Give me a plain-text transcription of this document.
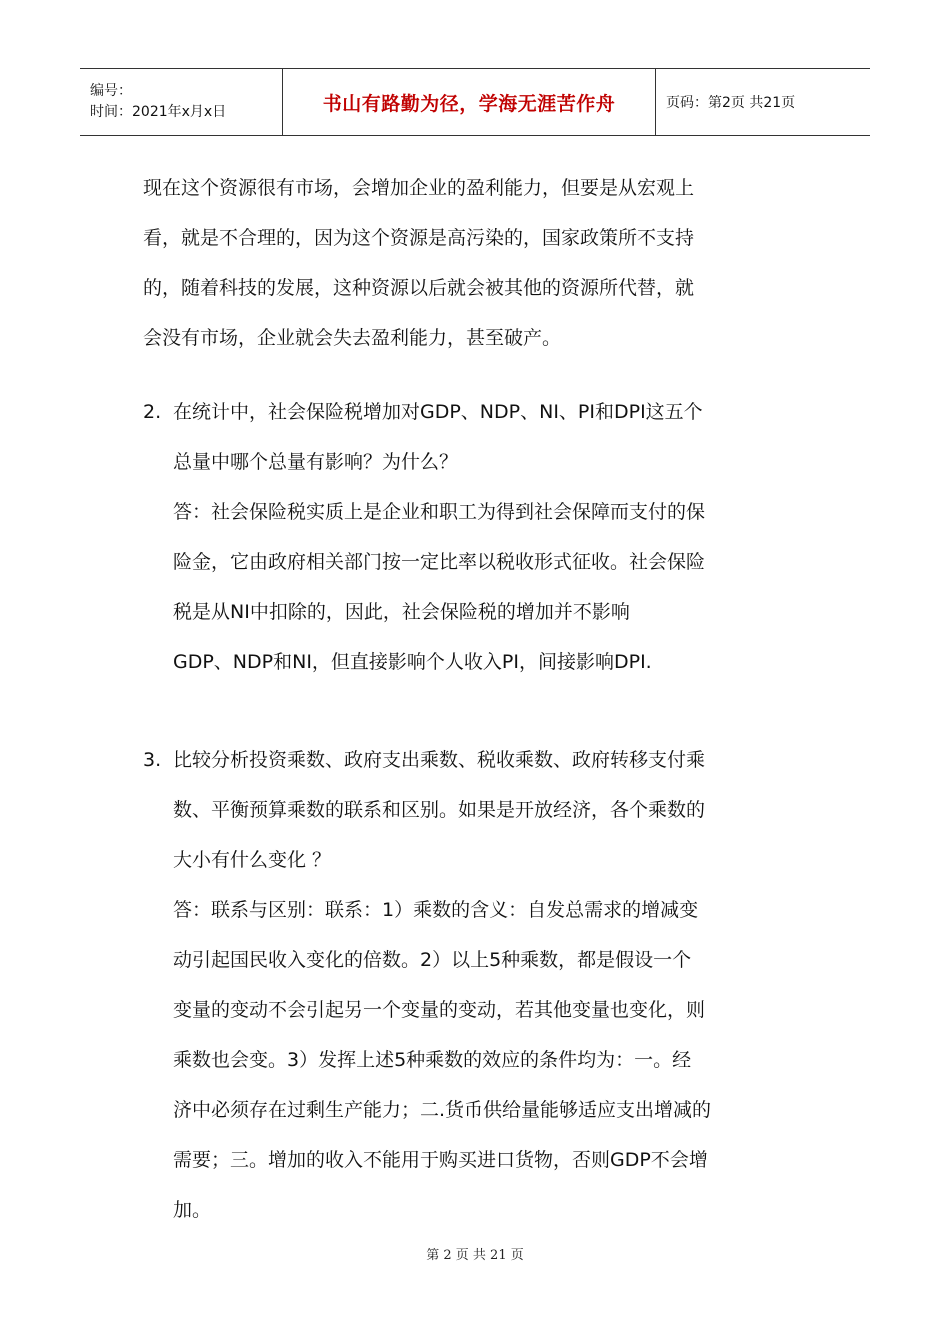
编号：
时间：2021年x月x日	书山有路勤为径，学海无涯苦作舟	页码：第2页 共21页
现在这个资源很有市场，会增加企业的盈利能力，但要是从宏观上
看，就是不合理的，因为这个资源是高污染的，国家政策所不支持
的，随着科技的发展，这种资源以后就会被其他的资源所代替，就
会没有市场，企业就会失去盈利能力，甚至破产。
2. 在统计中，社会保险税增加对GDP、NDP、NI、PI和DPI这五个
总量中哪个总量有影响？为什么？
答：社会保险税实质上是企业和职工为得到社会保障而支付的保
险金，它由政府相关部门按一定比率以税收形式征收。社会保险
税是从NI中扣除的，因此，社会保险税的增加并不影响
GDP、NDP和NI，但直接影响个人收入PI，间接影响DPI.
3. 比较分析投资乘数、政府支出乘数、税收乘数、政府转移支付乘
数、平衡预算乘数的联系和区别。如果是开放经济，各个乘数的
大小有什么变化 ？
答：联系与区别：联系：1）乘数的含义：自发总需求的增减变
动引起国民收入变化的倍数。2）以上5种乘数，都是假设一个
变量的变动不会引起另一个变量的变动，若其他变量也变化，则
乘数也会变。3）发挥上述5种乘数的效应的条件均为：一。经
济中必须存在过剩生产能力；二.货币供给量能够适应支出增减的
需要；三。增加的收入不能用于购买进口货物，否则GDP不会增
加。
第 2 页 共 21 页
